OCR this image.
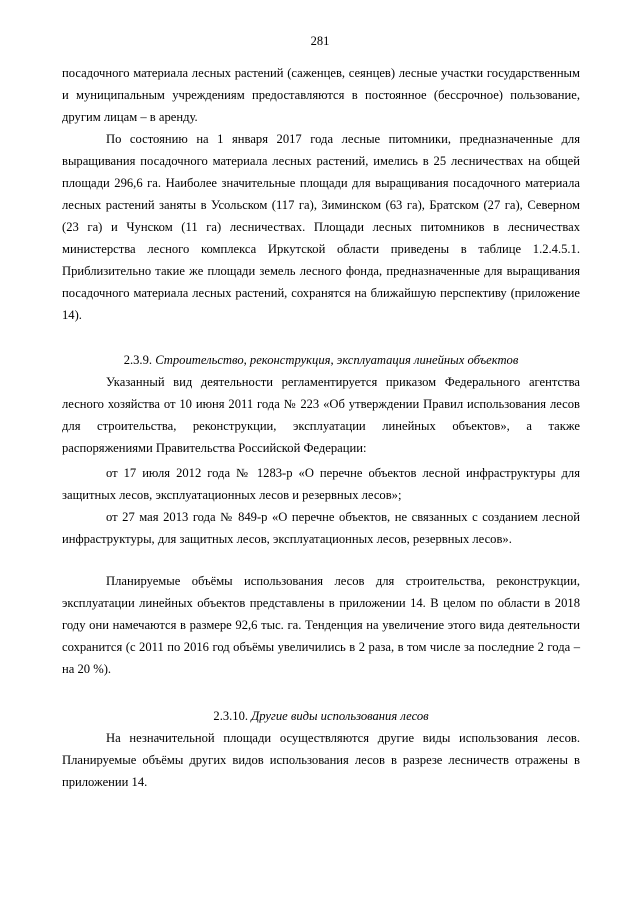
281

посадочного материала лесных растений (саженцев, сеянцев) лесные участки государственным и муниципальным учреждениям предоставляются в постоянное (бессрочное) пользование, другим лицам – в аренду.

По состоянию на 1 января 2017 года лесные питомники, предназначенные для выращивания посадочного материала лесных растений, имелись в 25 лесничествах на общей площади 296,6 га. Наиболее значительные площади для выращивания посадочного материала лесных растений заняты в Усольском (117 га), Зиминском (63 га), Братском (27 га), Северном (23 га) и Чунском (11 га) лесничествах. Площади лесных питомников в лесничествах министерства лесного комплекса Иркутской области приведены в таблице 1.2.4.5.1. Приблизительно такие же площади земель лесного фонда, предназначенные для выращивания посадочного материала лесных растений, сохранятся на ближайшую перспективу (приложение 14).

2.3.9. Строительство, реконструкция, эксплуатация линейных объектов

Указанный вид деятельности регламентируется приказом Федерального агентства лесного хозяйства от 10 июня 2011 года № 223 «Об утверждении Правил использования лесов для строительства, реконструкции, эксплуатации линейных объектов», а также распоряжениями Правительства Российской Федерации:

от 17 июля 2012 года № 1283-р «О перечне объектов лесной инфраструктуры для защитных лесов, эксплуатационных лесов и резервных лесов»;

от 27 мая 2013 года № 849-р «О перечне объектов, не связанных с созданием лесной инфраструктуры, для защитных лесов, эксплуатационных лесов, резервных лесов».

Планируемые объёмы использования лесов для строительства, реконструкции, эксплуатации линейных объектов представлены в приложении 14. В целом по области в 2018 году они намечаются в размере 92,6 тыс. га. Тенденция на увеличение этого вида деятельности сохранится (с 2011 по 2016 год объёмы увеличились в 2 раза, в том числе за последние 2 года – на 20 %).

2.3.10. Другие виды использования лесов

На незначительной площади осуществляются другие виды использования лесов. Планируемые объёмы других видов использования лесов в разрезе лесничеств отражены в приложении 14.
